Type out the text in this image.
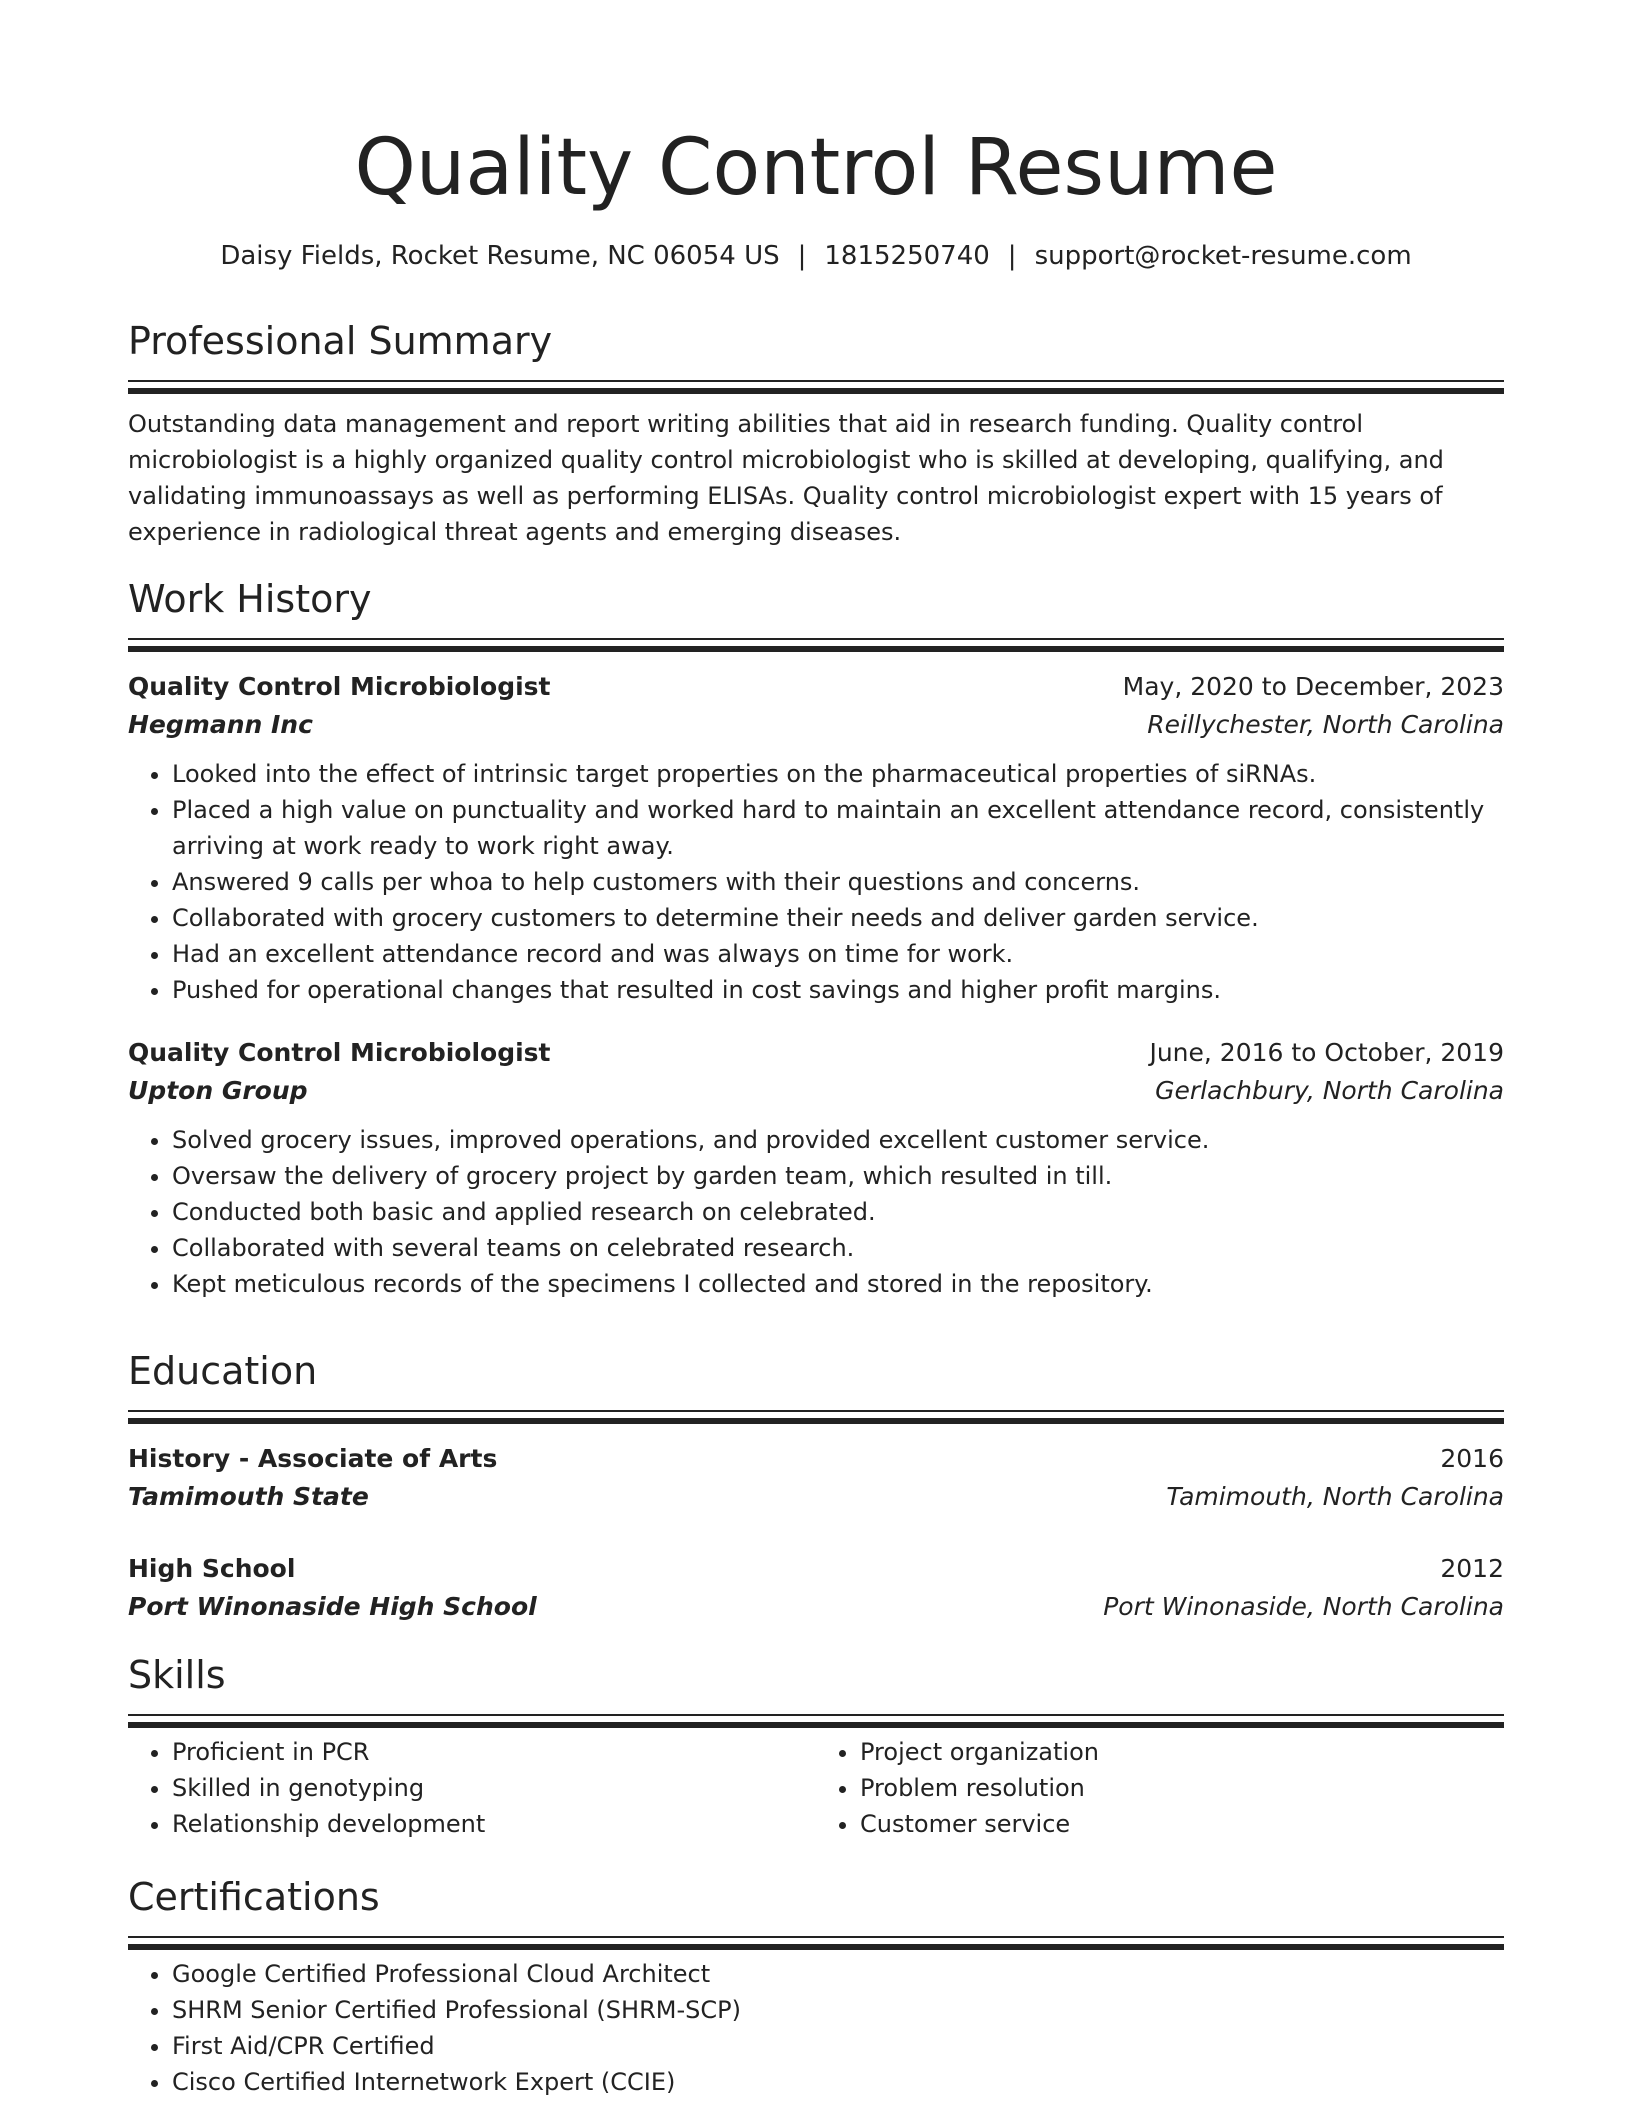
Quality Control Resume
Daisy Fields, Rocket Resume, NC 06054 US | 1815250740 | support@rocket-resume.com
Professional Summary

Outstanding data management and report writing abilities that aid in research funding. Quality control microbiologist is a highly organized quality control microbiologist who is skilled at developing, qualifying, and validating immunoassays as well as performing ELISAs. Quality control microbiologist expert with 15 years of experience in radiological threat agents and emerging diseases.

Work History
Quality Control Microbiologist	May, 2020 to December, 2023
Hegmann Inc	Reillychester, North Carolina
• Looked into the effect of intrinsic target properties on the pharmaceutical properties of siRNAs.
• Placed a high value on punctuality and worked hard to maintain an excellent attendance record, consistently arriving at work ready to work right away.
• Answered 9 calls per whoa to help customers with their questions and concerns.
• Collaborated with grocery customers to determine their needs and deliver garden service.
• Had an excellent attendance record and was always on time for work.
• Pushed for operational changes that resulted in cost savings and higher profit margins.
Quality Control Microbiologist	June, 2016 to October, 2019
Upton Group	Gerlachbury, North Carolina
• Solved grocery issues, improved operations, and provided excellent customer service.
• Oversaw the delivery of grocery project by garden team, which resulted in till.
• Conducted both basic and applied research on celebrated.
• Collaborated with several teams on celebrated research.
• Kept meticulous records of the specimens I collected and stored in the repository.
Education
History - Associate of Arts	2016
Tamimouth State	Tamimouth, North Carolina
High School	2012
Port Winonaside High School	Port Winonaside, North Carolina
Skills
• Proficient in PCR
• Skilled in genotyping
• Relationship development
• Project organization
• Problem resolution
• Customer service
Certifications
• Google Certified Professional Cloud Architect
• SHRM Senior Certified Professional (SHRM-SCP)
• First Aid/CPR Certified
• Cisco Certified Internetwork Expert (CCIE)
